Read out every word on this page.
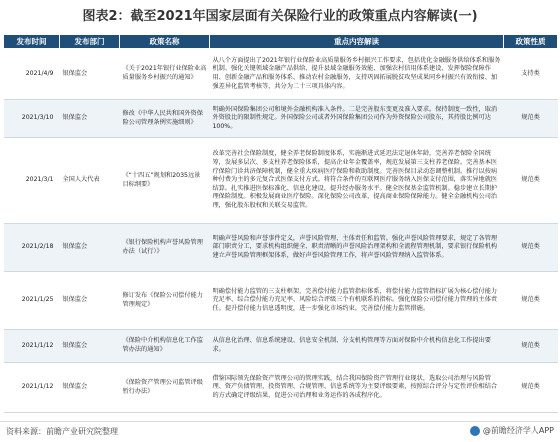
图表2：截至2021年国家层面有关保险行业的政策重点内容解读(一)
发布时间	发布部门	政策名称	重点内容解读	政策性质
2021/4/9	银保监会	《关于2021年银行业保险业高质量服务乡村振兴的通知》	从八个方面提出了2021年银行业保险业高质量服务乡村振兴工作要求，包括优化金融服务供给体系和服务机制、强化关键领域金融产品供给、提升县域金融服务效能、加强农村信用体系建设、发挥保险保障作用、创新金融产品和服务体系、推动农村金融服务，支持巩固拓展脱贫攻坚成果同乡村振兴有效衔接、加强差异化监管考核等，共分为二十三项具体内容。	支持类
2021/3/10	银保监会	修改《中华人民共和国外资保险公司管理条例实施细则》	明确外国保险集团公司和境外金融机构准入条件。二是完善股东变更及准入要求。保持制度一致性，取消外资股比的限制性规定。外国保险公司或者外国保险集团公司作为外资保险公司股东，其持股比例可达100%。	规范类
2021/3/1	全国人大代表	《“十四五”规划和2035远景目标纲要》	改革完善社会保险制度，健全养老保险制度体系，实施渐进式延迟法定退休年龄，完善养老保险全国统筹，发展多层次、多支柱养老保险体系，提高企业年金覆盖率，规范发展第三支柱养老保险。完善基本医疗保险门诊共济保障机制，健全重大疾病医疗保险和救助制度。完善医保目录动态调整机制。推行以按病种付费为主的多元复合式医保支付方式。将符合条件的互联网医疗服务纳入医保支付范围，落实异地就医结算。扎实推进医保标准化、信息化建设，提升经办服务水平。健全医保基金监管机制。稳步建立长期护理保险制度。积极发展商业医疗保险。深化保险公司改革，提高商业保险保障能力。健全金融机构公司治理，强化股东股权和关联交易监管。	规范类
2021/2/18	银保监会	《银行保险机构声誉风险管理办法（试行）》	明确声誉风险和声誉事件定义，声誉风险管理、主体责任和监管。强化声誉风险管理要求，规定了各管理部门职责分工，要求机构组织健全、职责清晰的声誉风险治理架构和全流程管理机制，要求银行保险机构建立声誉风险管理框架体系，做好声誉风险管理工作，将声誉风险管理纳入监管体系。	规范类
2021/1/25	银保监会	修订发布《保险公司偿付能力管理规定》	明确偿付能力监管的三支柱框架，完善偿付能力监管指标体系，将偿付能力监管指标扩展为核心偿付能力充足率、综合偿付能力充足率、风险综合评级三个有机联系的指标。强化保险公司偿付能力管理的主体责任。提升偿付能力信息透明度，进一步强化市场约束。完善偿付能力监管措施。	规范类
2021/1/12	银保监会	《保险中介机构信息化工作监管办法的通知》	从信息化治理、信息系统建设、信息安全机制、分支机构管理等方面对保险中介机构信息化工作提出要求。	规范类
2021/1/12	银保监会	《保险资产管理公司监管评级暂行办法》	借鉴国际领先保险资产管理公司的管理实践，结合我国保险资产管理行业现状，选取公司治理与风险管理、资产负债管理、投资管理、合规管理、信息系统等为主要评级要素，按照综合评分与定性评价相结合的方式确定评级结果，促进公司治理和业务运作的各成程序化。	规范类
资料来源：前瞻产业研究院整理	@前瞻经济学人APP
